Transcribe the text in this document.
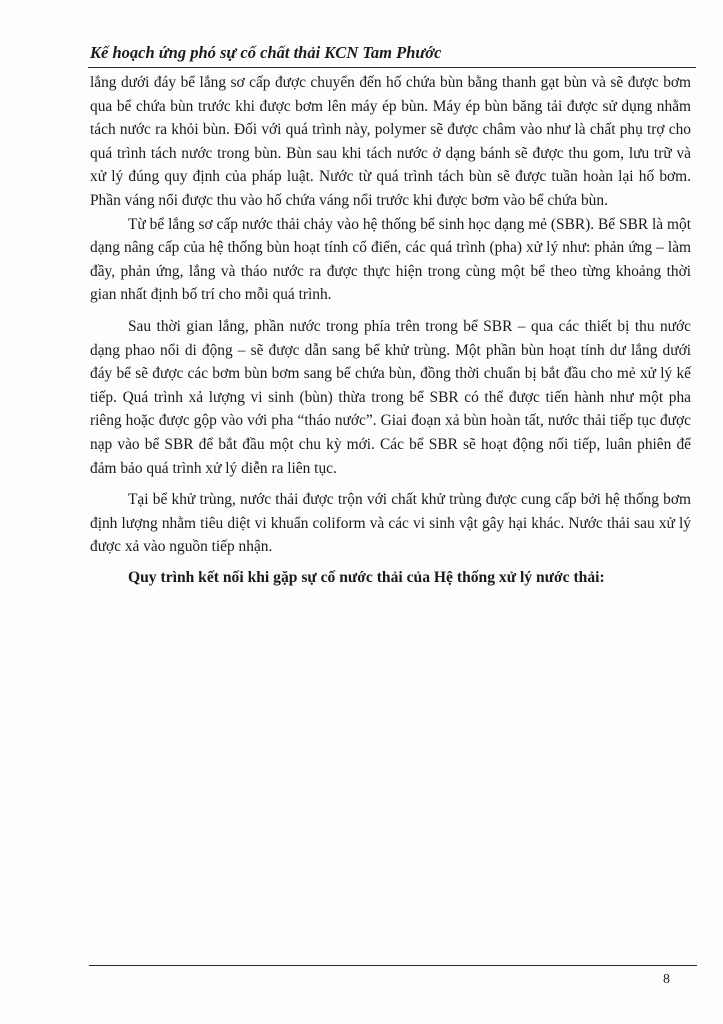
Kế hoạch ứng phó sự cố chất thải KCN Tam Phước

lắng dưới đáy bể lắng sơ cấp được chuyển đến hố chứa bùn bằng thanh gạt bùn và sẽ được bơm qua bể chứa bùn trước khi được bơm lên máy ép bùn. Máy ép bùn băng tải được sử dụng nhằm tách nước ra khỏi bùn. Đối với quá trình này, polymer sẽ được châm vào như là chất phụ trợ cho quá trình tách nước trong bùn. Bùn sau khi tách nước ở dạng bánh sẽ được thu gom, lưu trữ và xử lý đúng quy định của pháp luật. Nước từ quá trình tách bùn sẽ được tuần hoàn lại hố bơm. Phần váng nổi được thu vào hố chứa váng nổi trước khi được bơm vào bể chứa bùn.

Từ bể lắng sơ cấp nước thải chảy vào hệ thống bể sinh học dạng mẻ (SBR). Bể SBR là một dạng nâng cấp của hệ thống bùn hoạt tính cổ điển, các quá trình (pha) xử lý như: phản ứng – làm đầy, phản ứng, lắng và tháo nước ra được thực hiện trong cùng một bể theo từng khoảng thời gian nhất định bố trí cho mỗi quá trình.

Sau thời gian lắng, phần nước trong phía trên trong bể SBR – qua các thiết bị thu nước dạng phao nổi di động – sẽ được dẫn sang bể khử trùng. Một phần bùn hoạt tính dư lắng dưới đáy bể sẽ được các bơm bùn bơm sang bể chứa bùn, đồng thời chuẩn bị bắt đầu cho mẻ xử lý kế tiếp. Quá trình xả lượng vi sinh (bùn) thừa trong bể SBR có thể được tiến hành như một pha riêng hoặc được gộp vào với pha “tháo nước”. Giai đoạn xả bùn hoàn tất, nước thải tiếp tục được nạp vào bể SBR để bắt đầu một chu kỳ mới. Các bể SBR sẽ hoạt động nối tiếp, luân phiên để đảm bảo quá trình xử lý diễn ra liên tục.

Tại bể khử trùng, nước thải được trộn với chất khử trùng được cung cấp bởi hệ thống bơm định lượng nhằm tiêu diệt vi khuẩn coliform và các vi sinh vật gây hại khác. Nước thải sau xử lý được xả vào nguồn tiếp nhận.

Quy trình kết nối khi gặp sự cố nước thải của Hệ thống xử lý nước thải:

8
